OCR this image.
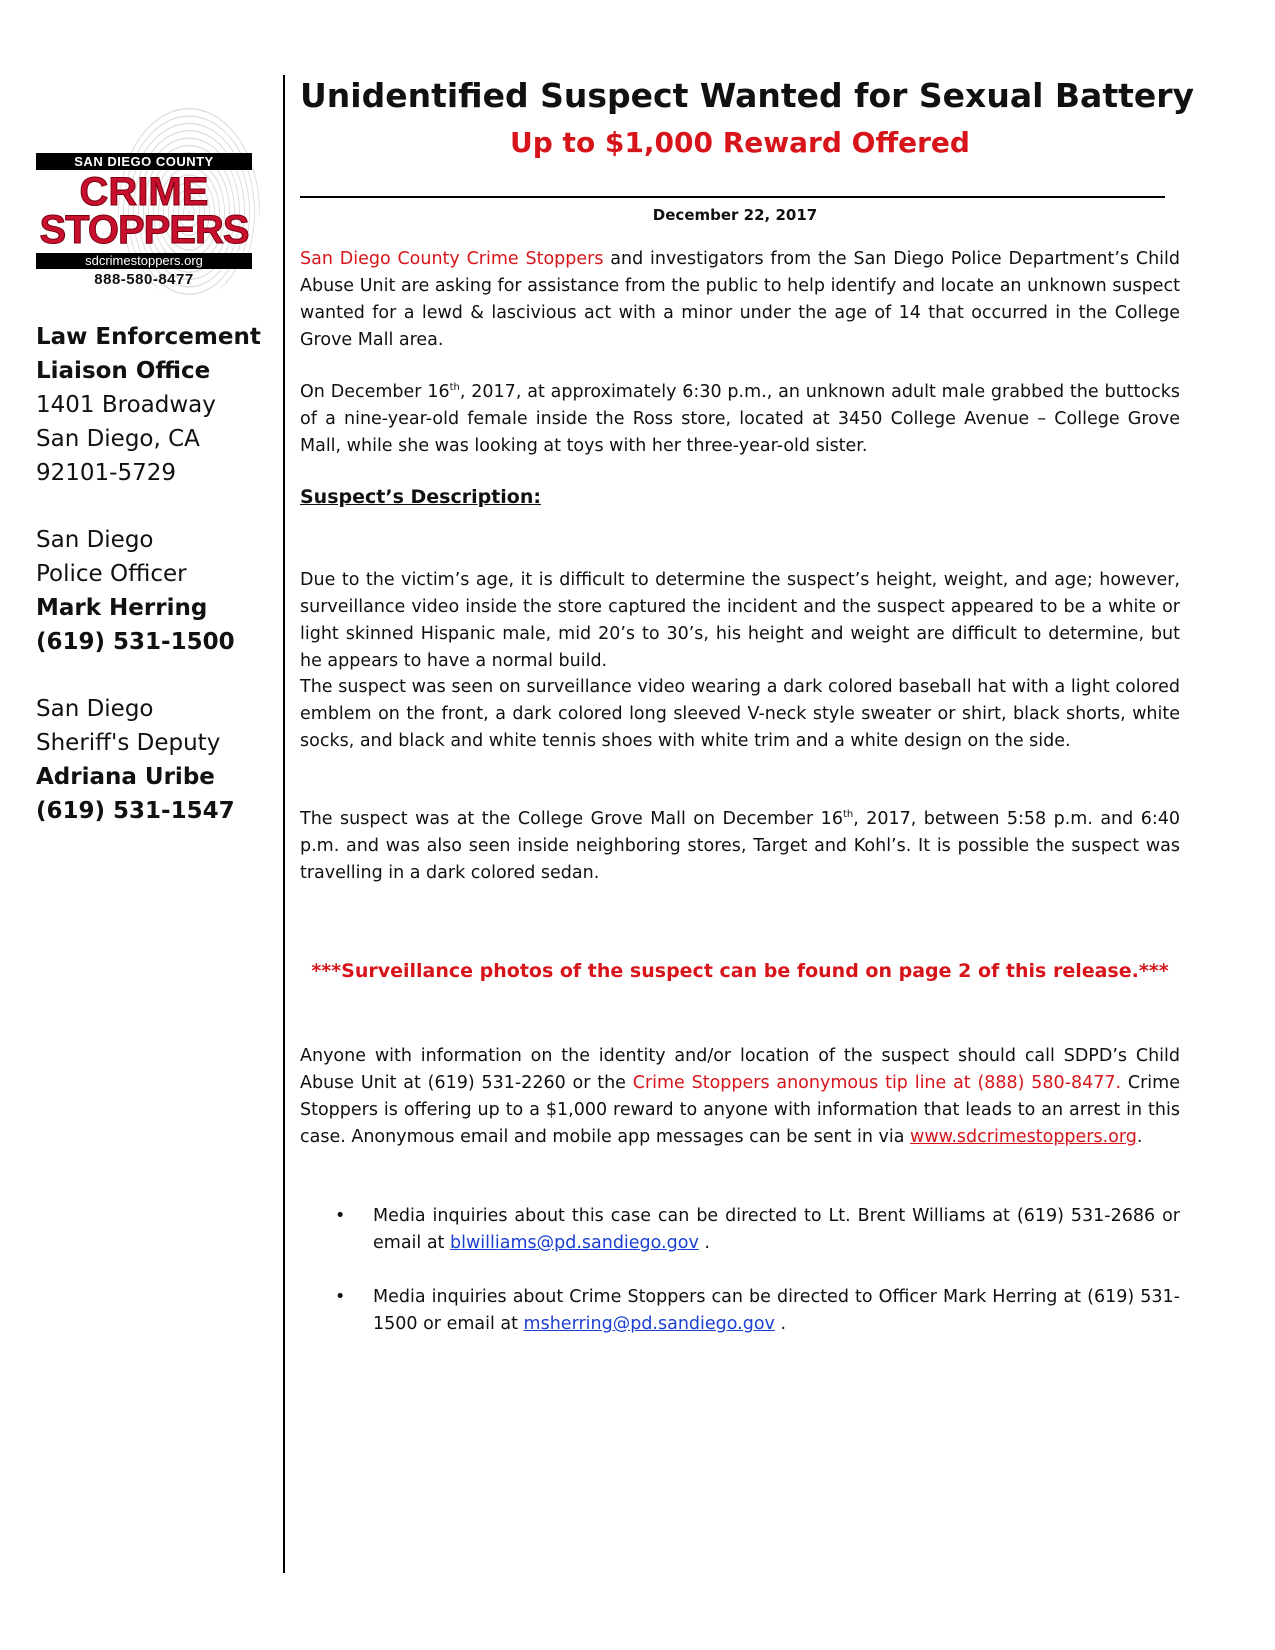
SAN DIEGO COUNTY
CRIME
STOPPERS
sdcrimestoppers.org
888-580-8477
Law Enforcement
Liaison Office
1401 Broadway
San Diego, CA
92101-5729
San Diego
Police Officer
Mark Herring
(619) 531-1500
San Diego
Sheriff's Deputy
Adriana Uribe
(619) 531-1547
Unidentified Suspect Wanted for Sexual Battery
Up to $1,000 Reward Offered
December 22, 2017

San Diego County Crime Stoppers and investigators from the San Diego Police Department’s Child Abuse Unit are asking for assistance from the public to help identify and locate an unknown suspect wanted for a lewd & lascivious act with a minor under the age of 14 that occurred in the College Grove Mall area.

On December 16th, 2017, at approximately 6:30 p.m., an unknown adult male grabbed the buttocks of a nine-year-old female inside the Ross store, located at 3450 College Avenue – College Grove Mall, while she was looking at toys with her three-year-old sister.

Suspect’s Description:

Due to the victim’s age, it is difficult to determine the suspect’s height, weight, and age; however, surveillance video inside the store captured the incident and the suspect appeared to be a white or light skinned Hispanic male, mid 20’s to 30’s, his height and weight are difficult to determine, but he appears to have a normal build.

The suspect was seen on surveillance video wearing a dark colored baseball hat with a light colored emblem on the front, a dark colored long sleeved V-neck style sweater or shirt, black shorts, white socks, and black and white tennis shoes with white trim and a white design on the side.

The suspect was at the College Grove Mall on December 16th, 2017, between 5:58 p.m. and 6:40 p.m. and was also seen inside neighboring stores, Target and Kohl’s. It is possible the suspect was travelling in a dark colored sedan.

***Surveillance photos of the suspect can be found on page 2 of this release.***

Anyone with information on the identity and/or location of the suspect should call SDPD’s Child Abuse Unit at (619) 531-2260 or the Crime Stoppers anonymous tip line at (888) 580-8477. Crime Stoppers is offering up to a $1,000 reward to anyone with information that leads to an arrest in this case. Anonymous email and mobile app messages can be sent in via www.sdcrimestoppers.org.

• Media inquiries about this case can be directed to Lt. Brent Williams at (619) 531-2686 or email at blwilliams@pd.sandiego.gov .
• Media inquiries about Crime Stoppers can be directed to Officer Mark Herring at (619) 531-1500 or email at msherring@pd.sandiego.gov .
